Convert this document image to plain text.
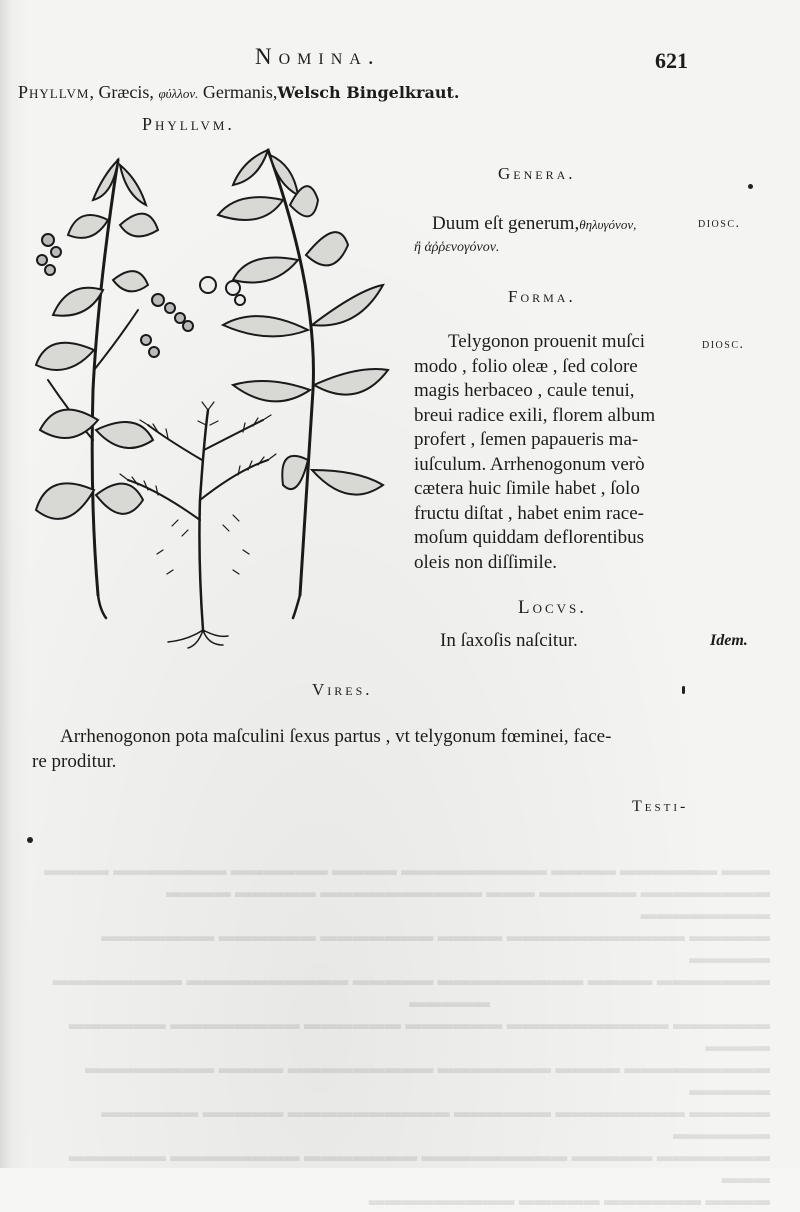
▬▬▬ ▬▬▬▬▬▬ ▬▬▬▬ ▬▬▬▬▬▬▬▬▬ ▬▬▬▬ ▬▬▬▬▬▬ ▬▬▬▬▬▬▬ ▬▬▬▬
▬▬▬▬▬▬▬▬ ▬▬▬▬▬▬ ▬▬▬ ▬▬▬▬▬▬▬▬▬▬ ▬▬▬▬▬ ▬▬▬▬ ▬▬▬▬▬▬▬▬
▬▬▬▬▬ ▬▬▬▬▬▬▬▬▬▬▬ ▬▬▬▬ ▬▬▬▬▬▬▬ ▬▬▬▬▬▬ ▬▬▬▬▬▬▬ ▬▬▬▬▬
▬▬▬▬▬▬▬ ▬▬▬▬ ▬▬▬▬▬▬▬▬▬ ▬▬▬▬▬ ▬▬▬▬▬▬▬▬▬▬ ▬▬▬▬▬▬▬▬
▬▬▬▬▬
▬▬▬▬▬▬ ▬▬▬▬▬▬▬▬▬▬ ▬▬▬▬▬▬ ▬▬▬▬▬▬ ▬▬▬▬▬▬▬▬ ▬▬▬▬▬▬ ▬▬▬▬
▬▬▬▬▬▬▬▬▬ ▬▬▬▬ ▬▬▬▬▬▬▬ ▬▬▬▬▬▬▬▬▬ ▬▬▬▬ ▬▬▬▬▬▬▬▬ ▬▬▬▬▬
▬▬▬▬▬ ▬▬▬▬▬▬▬▬ ▬▬▬▬▬▬ ▬▬▬▬▬▬▬▬▬▬ ▬▬▬▬▬ ▬▬▬▬▬▬ ▬▬▬▬▬▬
▬▬▬▬▬▬▬ ▬▬▬▬▬ ▬▬▬▬▬▬▬▬▬ ▬▬▬▬▬▬▬ ▬▬▬▬▬▬▬▬ ▬▬▬▬▬▬ ▬▬▬
▬▬▬▬ ▬▬▬▬▬▬ ▬▬▬▬▬ ▬▬▬▬▬▬▬▬▬
Nomina.	621
Phyllvm, Græcis, φύλλον. Germanis,Welsch Bingelkraut.
Phyllvm.
Genera.
Duum eſt generum,θηλυγόνον,	diosc.
ἢ ἀῤῥενογόνον.
Forma.
diosc.
Telygonon prouenit muſci
modo , folio oleæ , ſed colore
magis herbaceo , caule tenui,
breui radice exili, florem album
profert , ſemen papaueris ma-
iuſculum. Arrhenogonum verò
cætera huic ſimile habet , ſolo
fructu diſtat , habet enim race-
moſum quiddam deflorentibus
oleis non diſſimile.
Locvs.
In ſaxoſis naſcitur.	Idem.
Vires.
Arrhenogonon pota maſculini ſexus partus , vt telygonum fœminei, face-
re proditur.
Testi-
